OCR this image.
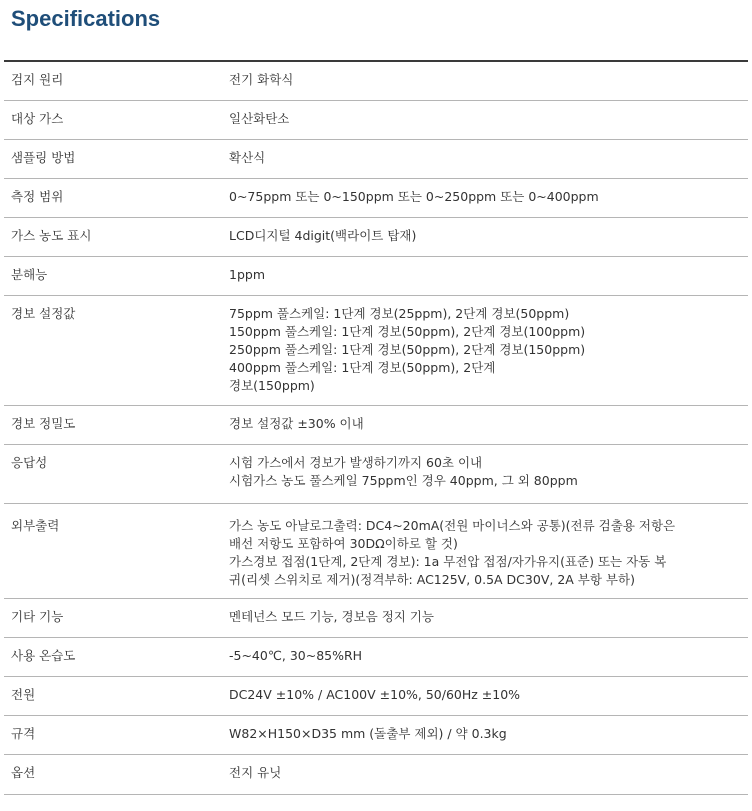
Specifications
검지 원리	전기 화학식
대상 가스	일산화탄소
샘플링 방법	확산식
측정 범위	0~75ppm 또는 0~150ppm 또는 0~250ppm 또는 0~400ppm
가스 농도 표시	LCD디지털 4digit(백라이트 탑재)
분해능	1ppm
경보 설정값	75ppm 풀스케일: 1단계 경보(25ppm), 2단계 경보(50ppm)
150ppm 풀스케일: 1단계 경보(50ppm), 2단계 경보(100ppm)
250ppm 풀스케일: 1단계 경보(50ppm), 2단계 경보(150ppm)
400ppm 풀스케일: 1단계 경보(50ppm), 2단계
경보(150ppm)
경보 정밀도	경보 설정값 ±30% 이내
응답성	시험 가스에서 경보가 발생하기까지 60초 이내
시험가스 농도 풀스케일 75ppm인 경우 40ppm, 그 외 80ppm
외부출력	가스 농도 아날로그출력: DC4~20mA(전원 마이너스와 공통)(전류 검출용 저항은
배선 저항도 포함하여 30DΩ이하로 할 것)
가스경보 접점(1단계, 2단계 경보): 1a 무전압 접점/자가유지(표준) 또는 자동 복
귀(리셋 스위치로 제거)(정격부하: AC125V, 0.5A DC30V, 2A 부항 부하)
기타 기능	멘테넌스 모드 기능, 경보음 정지 기능
사용 온습도	-5~40℃, 30~85%RH
전원	DC24V ±10% / AC100V ±10%, 50/60Hz ±10%
규격	W82×H150×D35 mm (돌출부 제외) / 약 0.3kg
옵션	전지 유닛
